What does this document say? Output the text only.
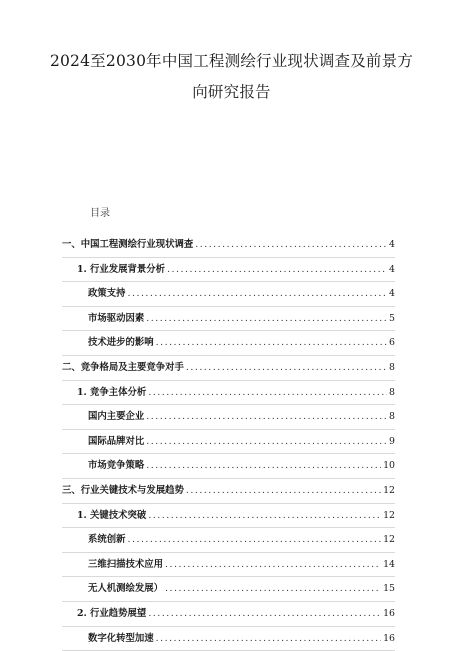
2024至2030年中国工程测绘行业现状调查及前景方
向研究报告
目录
一、中国工程测绘行业现状调查 .....	4
1. 行业发展背景分析 .....	4
政策支持 .....	4
市场驱动因素 .....	5
技术进步的影响 .....	6
二、竞争格局及主要竞争对手 .....	8
1. 竞争主体分析 .....	8
国内主要企业 .....	8
国际品牌对比 .....	9
市场竞争策略 .....	10
三、行业关键技术与发展趋势 .....	12
1. 关键技术突破 .....	12
系统创新 .....	12
三维扫描技术应用 .....	14
无人机测绘发展） .....	15
2. 行业趋势展望 .....	16
数字化转型加速 .....	16
